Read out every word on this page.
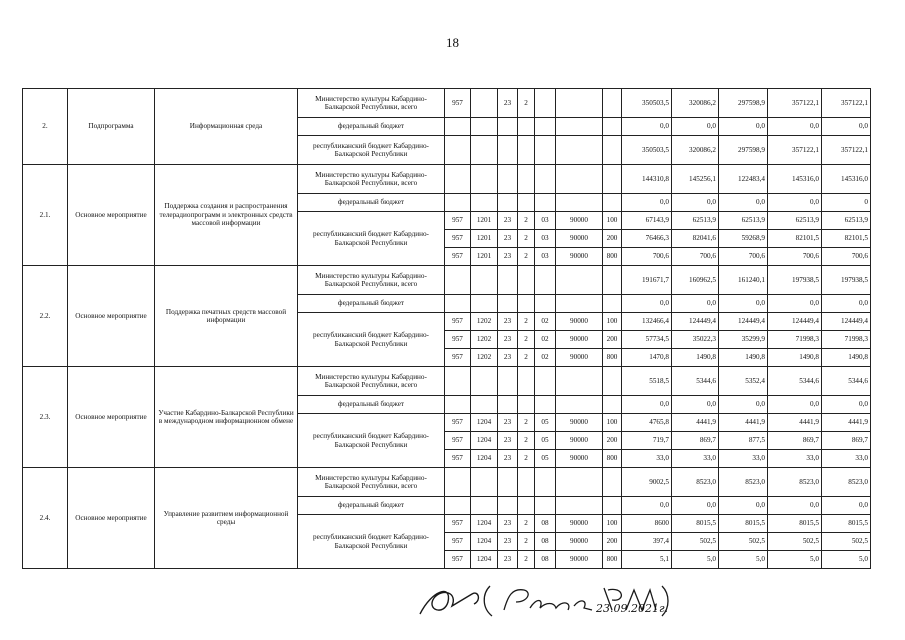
18
2.	Подпрограмма	Информационная среда	Министерство культуры Кабардино-Балкарской Республики, всего	957		23	2				350503,5	320086,2	297598,9	357122,1	357122,1
			федеральный бюджет								0,0	0,0	0,0	0,0	0,0
			республиканский бюджет Кабардино-Балкарской Республики								350503,5	320086,2	297598,9	357122,1	357122,1
2.1.	Основное мероприятие	Поддержка создания и распространения телерадиопрограмм и электронных средств массовой информации	Министерство культуры Кабардино-Балкарской Республики, всего								144310,8	145256,1	122483,4	145316,0	145316,0
			федеральный бюджет								0,0	0,0	0,0	0,0	0
			республиканский бюджет Кабардино-Балкарской Республики	957	1201	23	2	03	90000	100	67143,9	62513,9	62513,9	62513,9	62513,9
				957	1201	23	2	03	90000	200	76466,3	82041,6	59268,9	82101,5	82101,5
				957	1201	23	2	03	90000	800	700,6	700,6	700,6	700,6	700,6
2.2.	Основное мероприятие	Поддержка печатных средств массовой информации	Министерство культуры Кабардино-Балкарской Республики, всего								191671,7	160962,5	161240,1	197938,5	197938,5
			федеральный бюджет								0,0	0,0	0,0	0,0	0,0
			республиканский бюджет Кабардино-Балкарской Республики	957	1202	23	2	02	90000	100	132466,4	124449,4	124449,4	124449,4	124449,4
				957	1202	23	2	02	90000	200	57734,5	35022,3	35299,9	71998,3	71998,3
				957	1202	23	2	02	90000	800	1470,8	1490,8	1490,8	1490,8	1490,8
2.3.	Основное мероприятие	Участие Кабардино-Балкарской Республики в международном информационном обмене	Министерство культуры Кабардино-Балкарской Республики, всего								5518,5	5344,6	5352,4	5344,6	5344,6
			федеральный бюджет								0,0	0,0	0,0	0,0	0,0
			республиканский бюджет Кабардино-Балкарской Республики	957	1204	23	2	05	90000	100	4765,8	4441,9	4441,9	4441,9	4441,9
				957	1204	23	2	05	90000	200	719,7	869,7	877,5	869,7	869,7
				957	1204	23	2	05	90000	800	33,0	33,0	33,0	33,0	33,0
2.4.	Основное мероприятие	Управление развитием информационной среды	Министерство культуры Кабардино-Балкарской Республики, всего								9002,5	8523,0	8523,0	8523,0	8523,0
			федеральный бюджет								0,0	0,0	0,0	0,0	0,0
			республиканский бюджет Кабардино-Балкарской Республики	957	1204	23	2	08	90000	100	8600	8015,5	8015,5	8015,5	8015,5
				957	1204	23	2	08	90000	200	397,4	502,5	502,5	502,5	502,5
				957	1204	23	2	08	90000	800	5,1	5,0	5,0	5,0	5,0
23.09.2021г.
